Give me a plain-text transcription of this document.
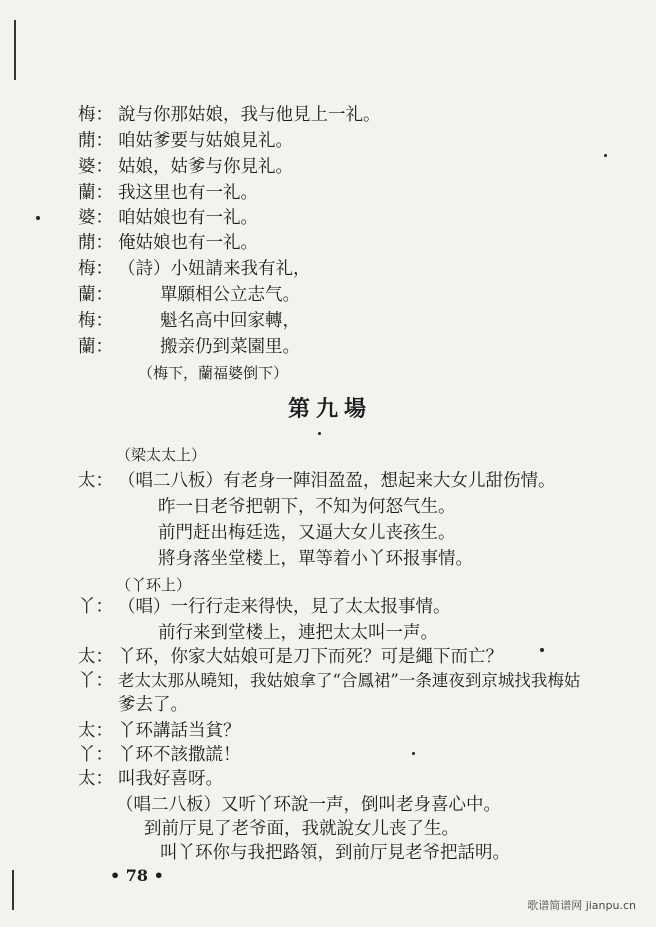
梅： 說与你那姑娘，我与他見上一礼。
蕑： 咱姑爹要与姑娘見礼。
婆： 姑娘，姑爹与你見礼。
蘭： 我这里也有一礼。
婆： 咱姑娘也有一礼。
蕑： 俺姑娘也有一礼。
梅： （詩）小妞請来我有礼，
蘭：	單願相公立志气。
梅：	魁名高中回家轉，
蘭：	搬亲仍到菜園里。
（梅下，蘭福婆倒下）
第九場
（梁太太上）
太： （唱二八板）有老身一陣泪盈盈，想起来大女儿甜伤情。
昨一日老爷把朝下，不知为何怒气生。
前門赶出梅廷选，又逼大女儿丧孩生。
將身落坐堂楼上，單等着小丫环报事情。
（丫环上）
丫： （唱）一行行走来得快，見了太太报事情。
前行来到堂楼上，連把太太叫一声。
太： 丫环，你家大姑娘可是刀下而死？可是繩下而亡？
丫： 老太太那从曉知，我姑娘拿了“合鳳裙”一条連夜到京城找我梅姑
爹去了。
太： 丫环講話当貧？
丫： 丫环不該撒謊！
太： 叫我好喜呀。
（唱二八板）又听丫环說一声，倒叫老身喜心中。
到前厅見了老爷面，我就說女儿丧了生。
叫丫环你与我把路領，到前厅見老爷把話明。
• 78 •
歌谱简谱网 jianpu.cn
